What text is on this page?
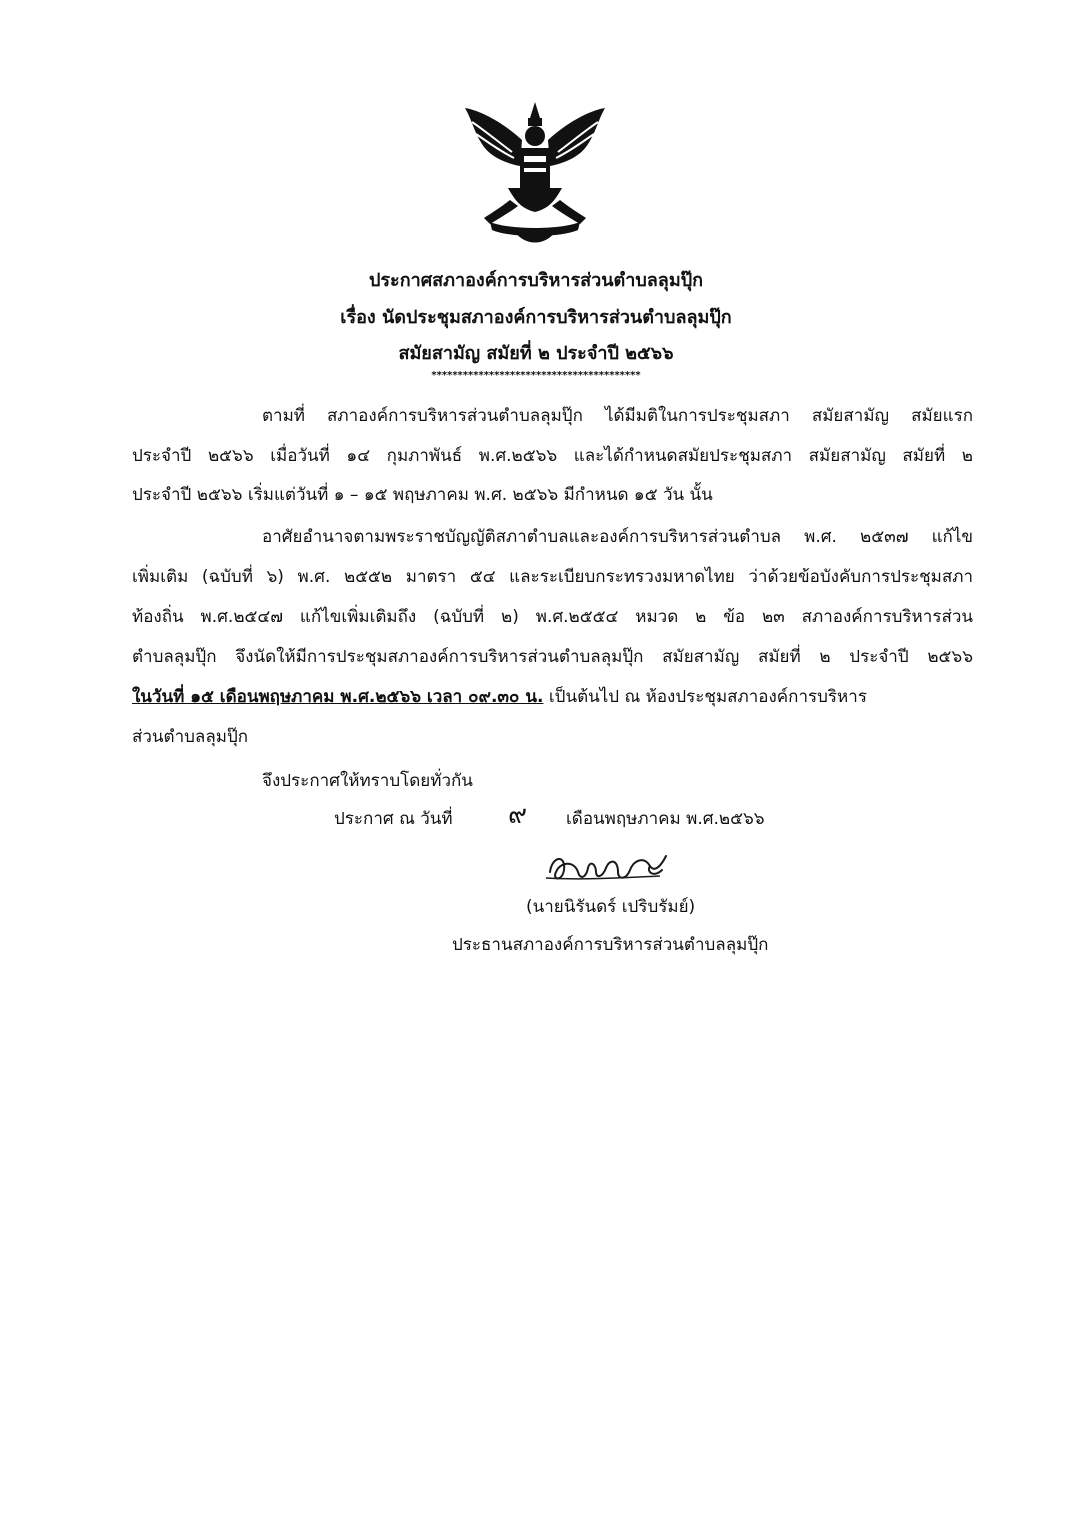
ประกาศสภาองค์การบริหารส่วนตำบลลุมปุ๊ก
เรื่อง นัดประชุมสภาองค์การบริหารส่วนตำบลลุมปุ๊ก
สมัยสามัญ สมัยที่ ๒ ประจำปี ๒๕๖๖
****************************************
ตามที่ สภาองค์การบริหารส่วนตำบลลุมปุ๊ก ได้มีมติในการประชุมสภา สมัยสามัญ สมัยแรก
ประจำปี ๒๕๖๖ เมื่อวันที่ ๑๔ กุมภาพันธ์ พ.ศ.๒๕๖๖ และได้กำหนดสมัยประชุมสภา สมัยสามัญ สมัยที่ ๒
ประจำปี ๒๕๖๖ เริ่มแต่วันที่ ๑ – ๑๕ พฤษภาคม พ.ศ. ๒๕๖๖ มีกำหนด ๑๕ วัน นั้น
อาศัยอำนาจตามพระราชบัญญัติสภาตำบลและองค์การบริหารส่วนตำบล พ.ศ. ๒๕๓๗ แก้ไข
เพิ่มเติม (ฉบับที่ ๖) พ.ศ. ๒๕๕๒ มาตรา ๕๔ และระเบียบกระทรวงมหาดไทย ว่าด้วยข้อบังคับการประชุมสภา
ท้องถิ่น พ.ศ.๒๕๔๗ แก้ไขเพิ่มเติมถึง (ฉบับที่ ๒) พ.ศ.๒๕๕๔ หมวด ๒ ข้อ ๒๓ สภาองค์การบริหารส่วน
ตำบลลุมปุ๊ก จึงนัดให้มีการประชุมสภาองค์การบริหารส่วนตำบลลุมปุ๊ก สมัยสามัญ สมัยที่ ๒ ประจำปี ๒๕๖๖
ในวันที่ ๑๕ เดือนพฤษภาคม พ.ศ.๒๕๖๖ เวลา ๐๙.๓๐ น. เป็นต้นไป ณ ห้องประชุมสภาองค์การบริหาร
ส่วนตำบลลุมปุ๊ก
จึงประกาศให้ทราบโดยทั่วกัน
ประกาศ ณ วันที่ ๙ เดือนพฤษภาคม พ.ศ.๒๕๖๖
(นายนิรันดร์ เปริบรัมย์)
ประธานสภาองค์การบริหารส่วนตำบลลุมปุ๊ก
